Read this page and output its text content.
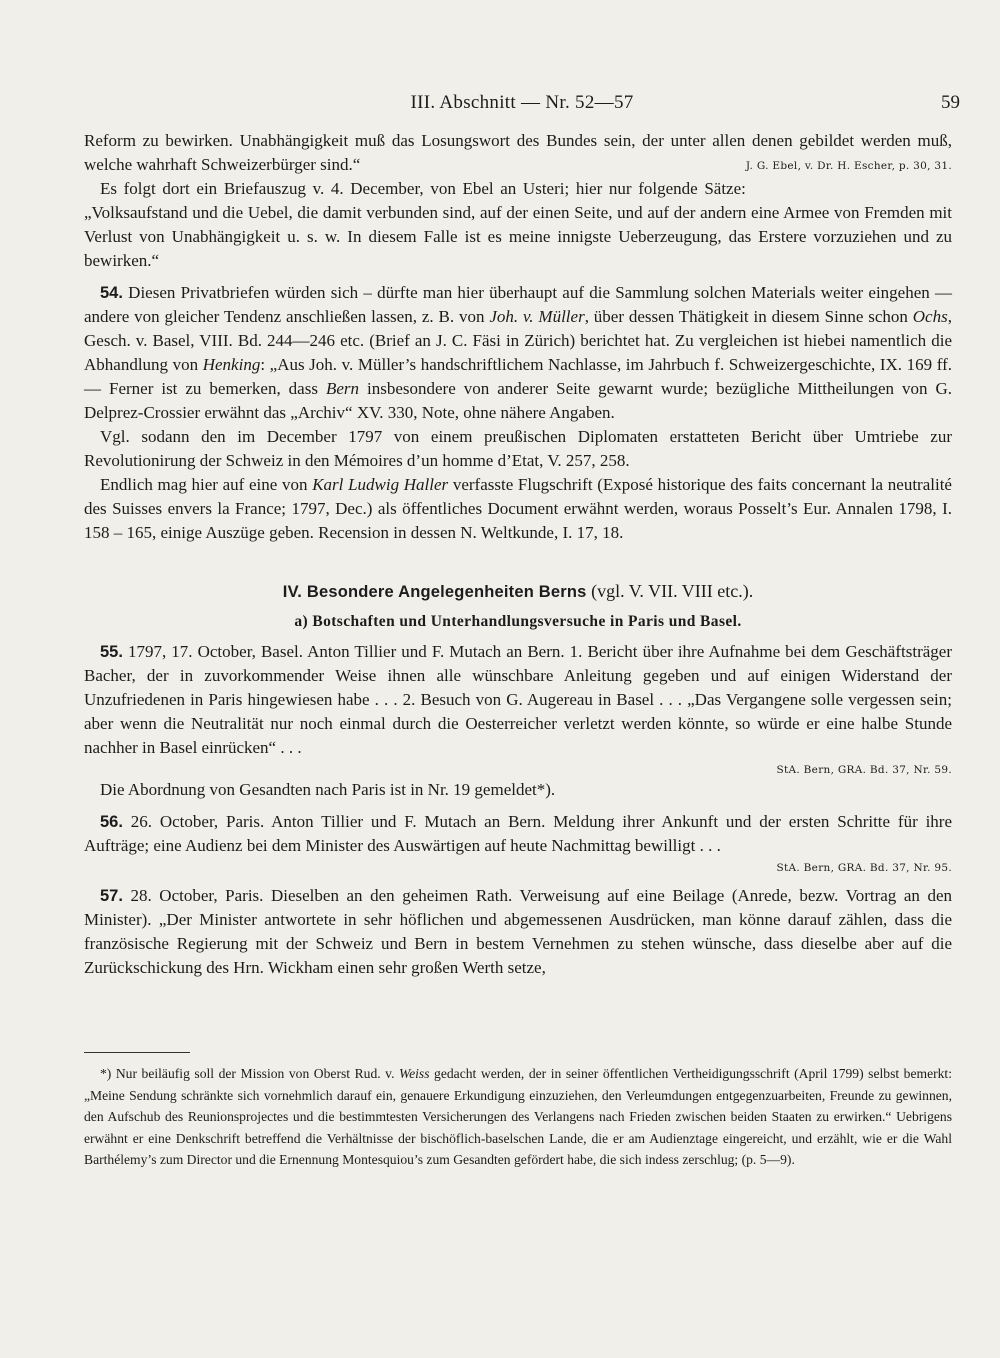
III. Abschnitt — Nr. 52—57	59

Reform zu bewirken. Unabhängigkeit muß das Losungswort des Bundes sein, der unter allen denen gebildet werden muß, welche wahrhaft Schweizerbürger sind.“	J. G. Ebel, v. Dr. H. Escher, p. 30, 31.

Es folgt dort ein Briefauszug v. 4. December, von Ebel an Usteri; hier nur folgende Sätze: „Volksaufstand und die Uebel, die damit verbunden sind, auf der einen Seite, und auf der andern eine Armee von Fremden mit Verlust von Unabhängigkeit u. s. w. In diesem Falle ist es meine innigste Ueberzeugung, das Erstere vorzuziehen und zu bewirken.“

54. Diesen Privatbriefen würden sich – dürfte man hier überhaupt auf die Sammlung solchen Materials weiter eingehen — andere von gleicher Tendenz anschließen lassen, z. B. von Joh. v. Müller, über dessen Thätigkeit in diesem Sinne schon Ochs, Gesch. v. Basel, VIII. Bd. 244—246 etc. (Brief an J. C. Fäsi in Zürich) berichtet hat. Zu vergleichen ist hiebei namentlich die Abhandlung von Henking: „Aus Joh. v. Müller’s handschriftlichem Nachlasse, im Jahrbuch f. Schweizergeschichte, IX. 169 ff. — Ferner ist zu bemerken, dass Bern insbesondere von anderer Seite gewarnt wurde; bezügliche Mittheilungen von G. Delprez-Crossier erwähnt das „Archiv“ XV. 330, Note, ohne nähere Angaben.

Vgl. sodann den im December 1797 von einem preußischen Diplomaten erstatteten Bericht über Umtriebe zur Revolutionirung der Schweiz in den Mémoires d’un homme d’Etat, V. 257, 258.

Endlich mag hier auf eine von Karl Ludwig Haller verfasste Flugschrift (Exposé historique des faits concernant la neutralité des Suisses envers la France; 1797, Dec.) als öffentliches Document erwähnt werden, woraus Posselt’s Eur. Annalen 1798, I. 158 – 165, einige Auszüge geben. Recension in dessen N. Weltkunde, I. 17, 18.

IV. Besondere Angelegenheiten Berns (vgl. V. VII. VIII etc.).
a) Botschaften und Unterhandlungsversuche in Paris und Basel.

55. 1797, 17. October, Basel. Anton Tillier und F. Mutach an Bern. 1. Bericht über ihre Aufnahme bei dem Geschäftsträger Bacher, der in zuvorkommender Weise ihnen alle wünschbare Anleitung gegeben und auf einigen Widerstand der Unzufriedenen in Paris hingewiesen habe . . . 2. Besuch von G. Augereau in Basel . . . „Das Vergangene solle vergessen sein; aber wenn die Neutralität nur noch einmal durch die Oesterreicher verletzt werden könnte, so würde er eine halbe Stunde nachher in Basel einrücken“ . . .
StA. Bern, GRA. Bd. 37, Nr. 59.

Die Abordnung von Gesandten nach Paris ist in Nr. 19 gemeldet*).

56. 26. October, Paris. Anton Tillier und F. Mutach an Bern. Meldung ihrer Ankunft und der ersten Schritte für ihre Aufträge; eine Audienz bei dem Minister des Auswärtigen auf heute Nachmittag bewilligt . . .
StA. Bern, GRA. Bd. 37, Nr. 95.

57. 28. October, Paris. Dieselben an den geheimen Rath. Verweisung auf eine Beilage (Anrede, bezw. Vortrag an den Minister). „Der Minister antwortete in sehr höflichen und abgemessenen Ausdrücken, man könne darauf zählen, dass die französische Regierung mit der Schweiz und Bern in bestem Vernehmen zu stehen wünsche, dass dieselbe aber auf die Zurückschickung des Hrn. Wickham einen sehr großen Werth setze,

*) Nur beiläufig soll der Mission von Oberst Rud. v. Weiss gedacht werden, der in seiner öffentlichen Vertheidigungsschrift (April 1799) selbst bemerkt: „Meine Sendung schränkte sich vornehmlich darauf ein, genauere Erkundigung einzuziehen, den Verleumdungen entgegenzuarbeiten, Freunde zu gewinnen, den Aufschub des Reunionsprojectes und die bestimmtesten Versicherungen des Verlangens nach Frieden zwischen beiden Staaten zu erwirken.“ Uebrigens erwähnt er eine Denkschrift betreffend die Verhältnisse der bischöflich-baselschen Lande, die er am Audienztage eingereicht, und erzählt, wie er die Wahl Barthélemy’s zum Director und die Ernennung Montesquiou’s zum Gesandten gefördert habe, die sich indess zerschlug; (p. 5—9).
